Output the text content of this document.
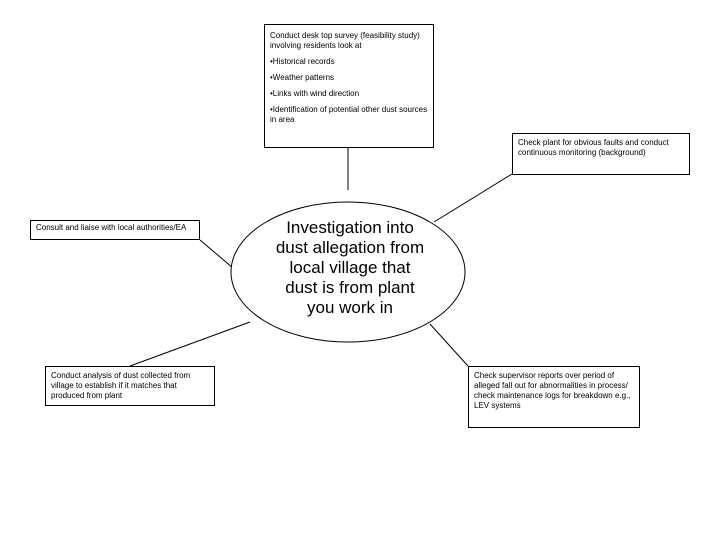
Investigation into
dust allegation from
local village that
dust is from plant
you work in

Conduct desk top survey (feasibility study) involving residents look at

•Historical records
•Weather patterns
•Links with wind direction
•Identification of potential other dust sources in area

Check plant for obvious faults and conduct continuous monitoring (background)

Consult and liaise with local authorities/EA

Conduct analysis of dust collected from village to establish if it matches that produced from plant

Check supervisor reports over period of alleged fall out for abnormalities in process/ check maintenance logs for breakdown e.g., LEV systems
